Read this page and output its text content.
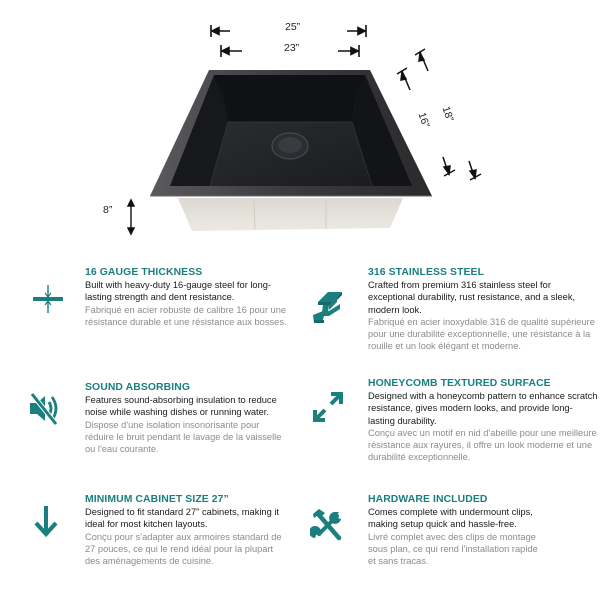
25”
23”
18”
16”
8”
16 GAUGE THICKNESS
Built with heavy-duty 16-gauge steel for long-lasting strength and dent resistance.
Fabriqué en acier robuste de calibre 16 pour une résistance durable et une résistance aux bosses.
316 STAINLESS STEEL
Crafted from premium 316 stainless steel for exceptional durability, rust resistance, and a sleek, modern look.
Fabriqué en acier inoxydable 316 de qualité supérieure pour une durabilité exceptionnelle, une résistance à la rouille et un look élégant et moderne.
SOUND ABSORBING
Features sound-absorbing insulation to reduce noise while washing dishes or running water.
Dispose d'une isolation insonorisante pour réduire le bruit pendant le lavage de la vaisselle ou l'eau courante.
HONEYCOMB TEXTURED SURFACE
Designed with a honeycomb pattern to enhance scratch resistance, gives modern looks, and provide long-lasting durability.
Conçu avec un motif en nid d'abeille pour une meilleure résistance aux rayures, il offre un look moderne et une durabilité exceptionnelle.
MINIMUM CABINET SIZE 27”
Designed to fit standard 27" cabinets, making it ideal for most kitchen layouts.
Conçu pour s'adapter aux armoires standard de 27 pouces, ce qui le rend idéal pour la plupart des aménagements de cuisine.
HARDWARE INCLUDED
Comes complete with undermount clips, making setup quick and hassle-free.
Livré complet avec des clips de montage sous plan, ce qui rend l'installation rapide et sans tracas.
